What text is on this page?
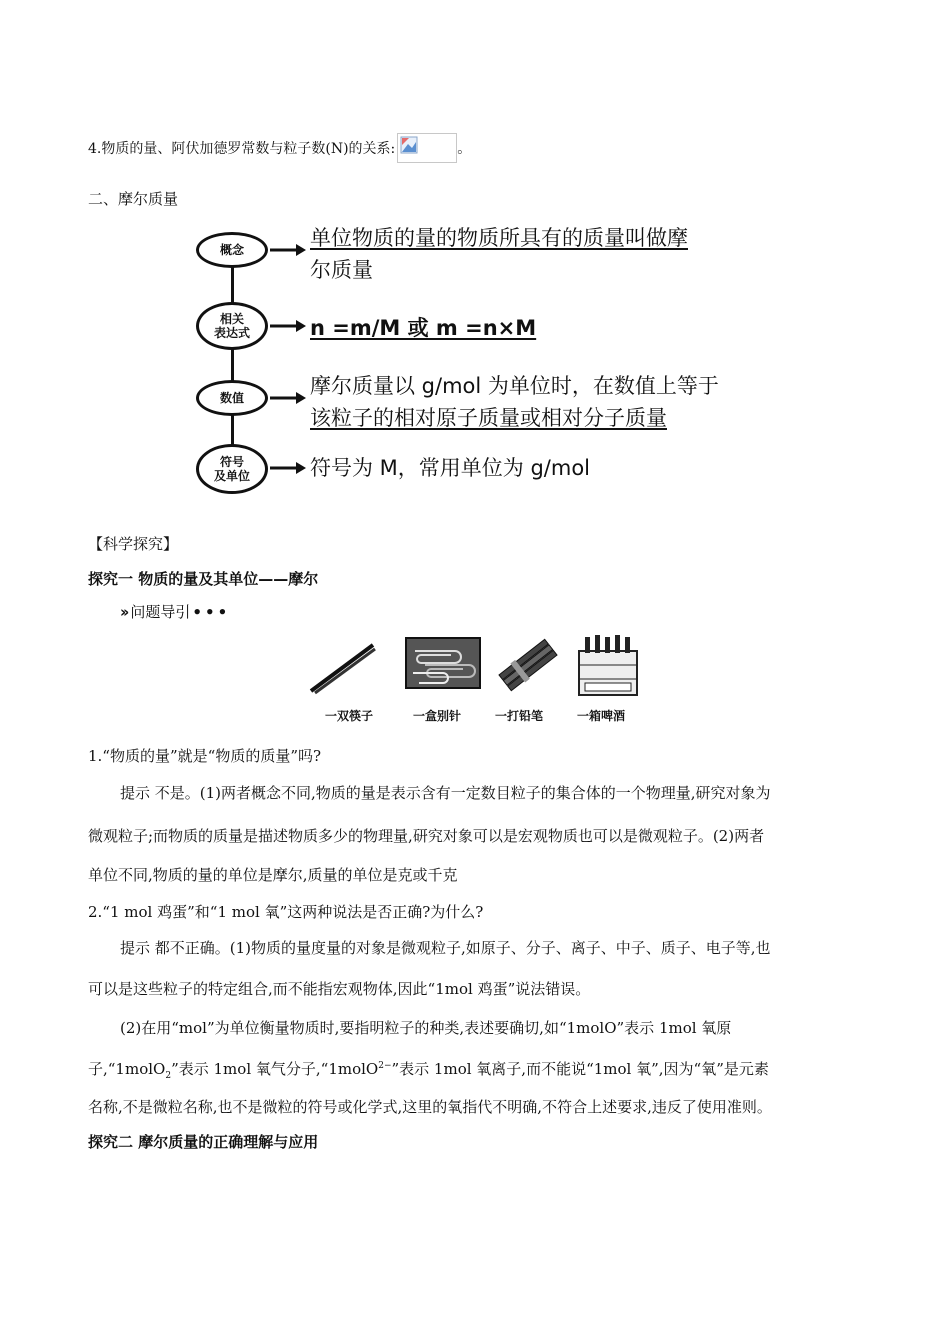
4.物质的量、阿伏加德罗常数与粒子数(N)的关系:	。
二、摩尔质量
概念	单位物质的量的物质所具有的质量叫做摩
尔质量
相关
表达式	n =m/M 或 m =n×M
数值	摩尔质量以 g/mol 为单位时，在数值上等于
该粒子的相对原子质量或相对分子质量
符号
及单位	符号为 M，常用单位为 g/mol
【科学探究】
探究一 物质的量及其单位——摩尔
›› 问题导引 •••
一双筷子	一盒别针	一打铅笔	一箱啤酒
1.“物质的量”就是“物质的质量”吗?
提示 不是。(1)两者概念不同,物质的量是表示含有一定数目粒子的集合体的一个物理量,研究对象为
微观粒子;而物质的质量是描述物质多少的物理量,研究对象可以是宏观物质也可以是微观粒子。(2)两者
单位不同,物质的量的单位是摩尔,质量的单位是克或千克
2.“1 mol 鸡蛋”和“1 mol 氧”这两种说法是否正确?为什么?
提示 都不正确。(1)物质的量度量的对象是微观粒子,如原子、分子、离子、中子、质子、电子等,也
可以是这些粒子的特定组合,而不能指宏观物体,因此“1mol 鸡蛋”说法错误。
(2)在用“mol”为单位衡量物质时,要指明粒子的种类,表述要确切,如“1molO”表示 1mol 氧原
子,“1molO$_2$”表示 1mol 氧气分子,“1molO$^{2-}$”表示 1mol 氧离子,而不能说“1mol 氧”,因为“氧”是元素
名称,不是微粒名称,也不是微粒的符号或化学式,这里的氧指代不明确,不符合上述要求,违反了使用准则。
探究二 摩尔质量的正确理解与应用
